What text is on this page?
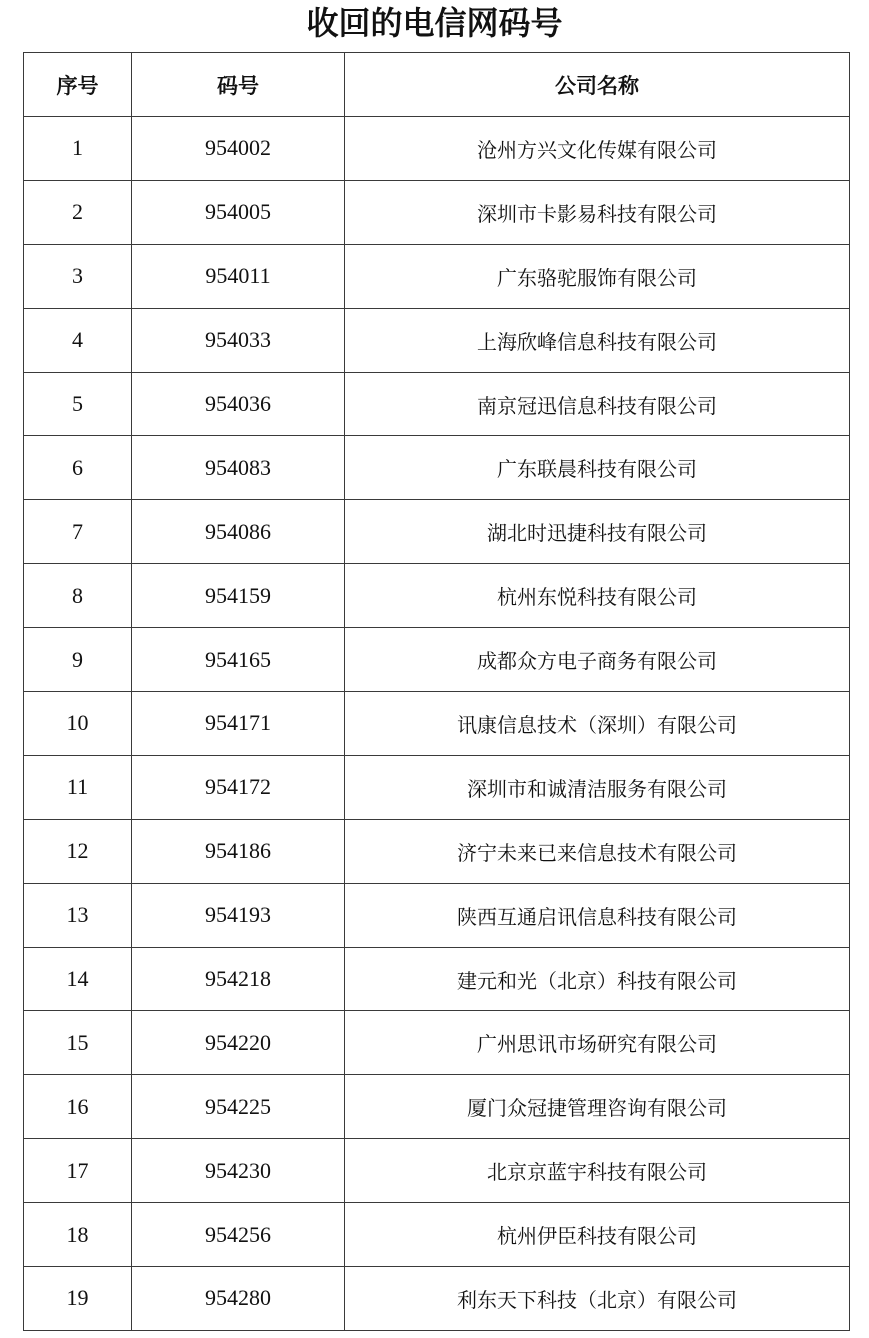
收回的电信网码号
序号	码号	公司名称
1	954002	沧州方兴文化传媒有限公司
2	954005	深圳市卡影易科技有限公司
3	954011	广东骆驼服饰有限公司
4	954033	上海欣峰信息科技有限公司
5	954036	南京冠迅信息科技有限公司
6	954083	广东联晨科技有限公司
7	954086	湖北时迅捷科技有限公司
8	954159	杭州东悦科技有限公司
9	954165	成都众方电子商务有限公司
10	954171	讯康信息技术（深圳）有限公司
11	954172	深圳市和诚清洁服务有限公司
12	954186	济宁未来已来信息技术有限公司
13	954193	陕西互通启讯信息科技有限公司
14	954218	建元和光（北京）科技有限公司
15	954220	广州思讯市场研究有限公司
16	954225	厦门众冠捷管理咨询有限公司
17	954230	北京京蓝宇科技有限公司
18	954256	杭州伊臣科技有限公司
19	954280	利东天下科技（北京）有限公司
